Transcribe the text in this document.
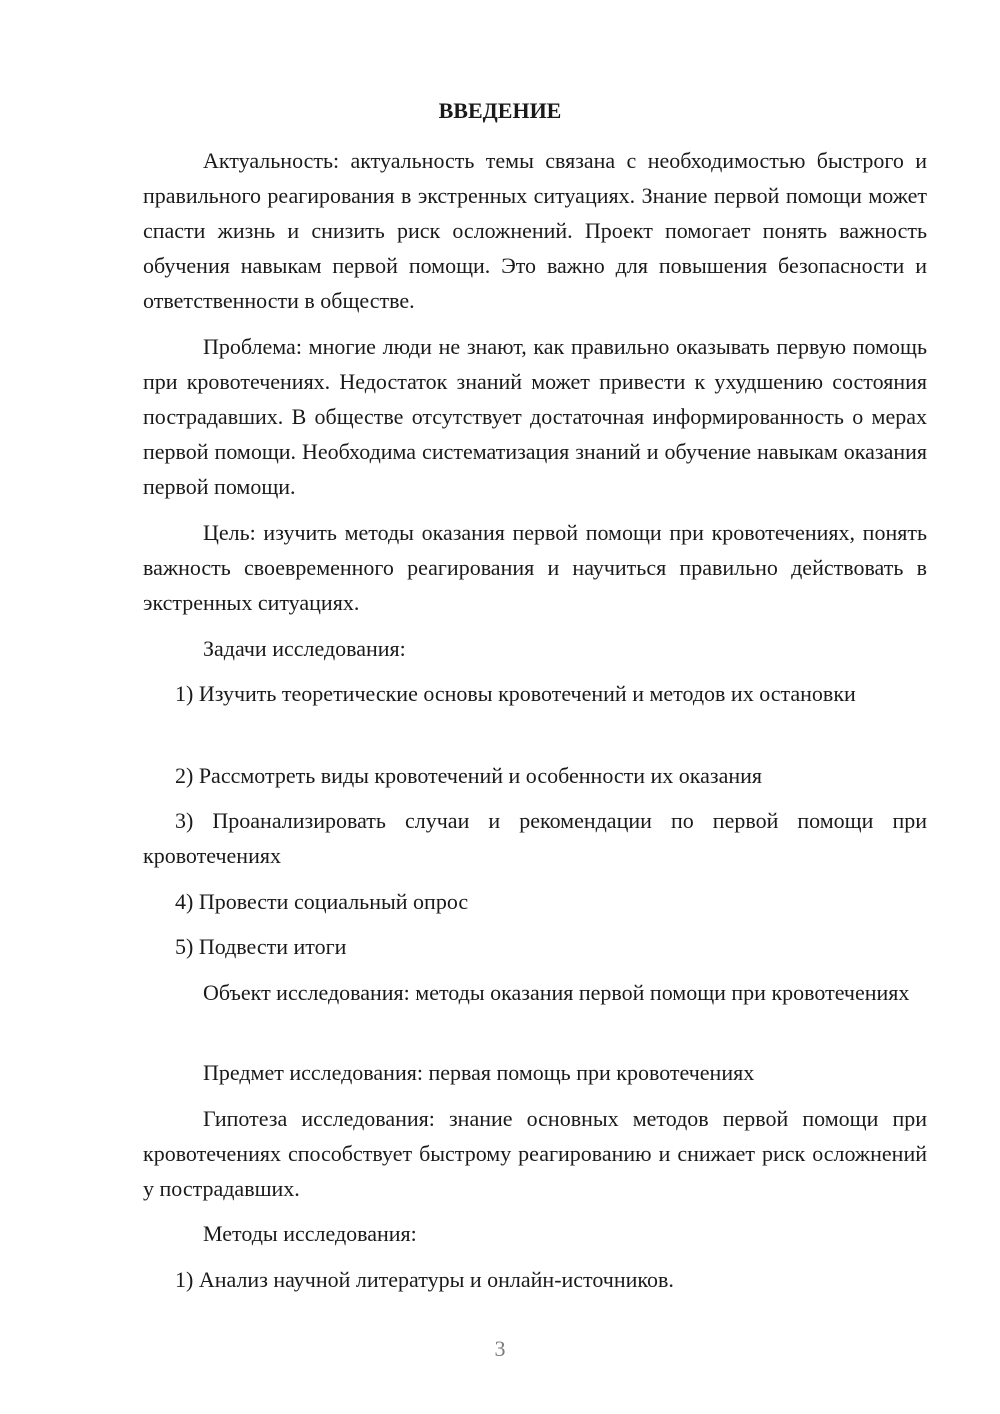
ВВЕДЕНИЕ

Актуальность: актуальность темы связана с необходимостью быстрого и правильного реагирования в экстренных ситуациях. Знание первой помощи может спасти жизнь и снизить риск осложнений. Проект помогает понять важность обучения навыкам первой помощи. Это важно для повышения безопасности и ответственности в обществе.

Проблема: многие люди не знают, как правильно оказывать первую помощь при кровотечениях. Недостаток знаний может привести к ухудшению состояния пострадавших. В обществе отсутствует достаточная информированность о мерах первой помощи. Необходима систематизация знаний и обучение навыкам оказания первой помощи.

Цель: изучить методы оказания первой помощи при кровотечениях, понять важность своевременного реагирования и научиться правильно действовать в экстренных ситуациях.

Задачи исследования:

1) Изучить теоретические основы кровотечений и методов их остановки

2) Рассмотреть виды кровотечений и особенности их оказания

3) Проанализировать случаи и рекомендации по первой помощи при кровотечениях

4) Провести социальный опрос

5) Подвести итоги

Объект исследования: методы оказания первой помощи при кровотечениях

Предмет исследования: первая помощь при кровотечениях

Гипотеза исследования: знание основных методов первой помощи при кровотечениях способствует быстрому реагированию и снижает риск осложнений у пострадавших.

Методы исследования:

1) Анализ научной литературы и онлайн-источников.

3
